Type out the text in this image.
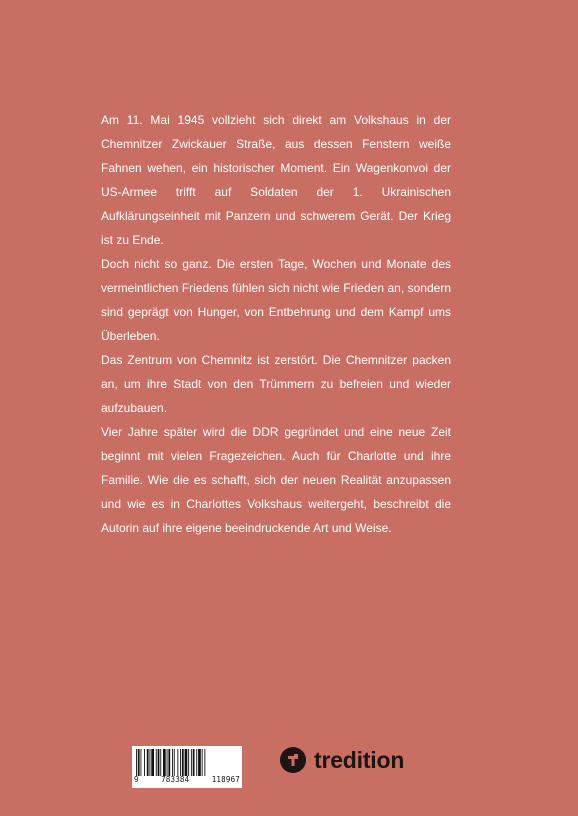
Am 11. Mai 1945 vollzieht sich direkt am Volkshaus in der Chemnitzer Zwickauer Straße, aus dessen Fenstern weiße Fahnen wehen, ein historischer Moment. Ein Wagenkonvoi der US-Armee trifft auf Soldaten der 1. Ukrainischen Aufklärungseinheit mit Panzern und schwerem Gerät. Der Krieg ist zu Ende.

Doch nicht so ganz. Die ersten Tage, Wochen und Monate des vermeintlichen Friedens fühlen sich nicht wie Frieden an, sondern sind geprägt von Hunger, von Entbehrung und dem Kampf ums Überleben.

Das Zentrum von Chemnitz ist zerstört. Die Chemnitzer packen an, um ihre Stadt von den Trümmern zu befreien und wieder aufzubauen.

Vier Jahre später wird die DDR gegründet und eine neue Zeit beginnt mit vielen Fragezeichen. Auch für Charlotte und ihre Familie. Wie die es schafft, sich der neuen Realität anzupassen und wie es in Charlottes Volkshaus weitergeht, beschreibt die Autorin auf ihre eigene beeindruckende Art und Weise.

9	783384	118967
tredition
